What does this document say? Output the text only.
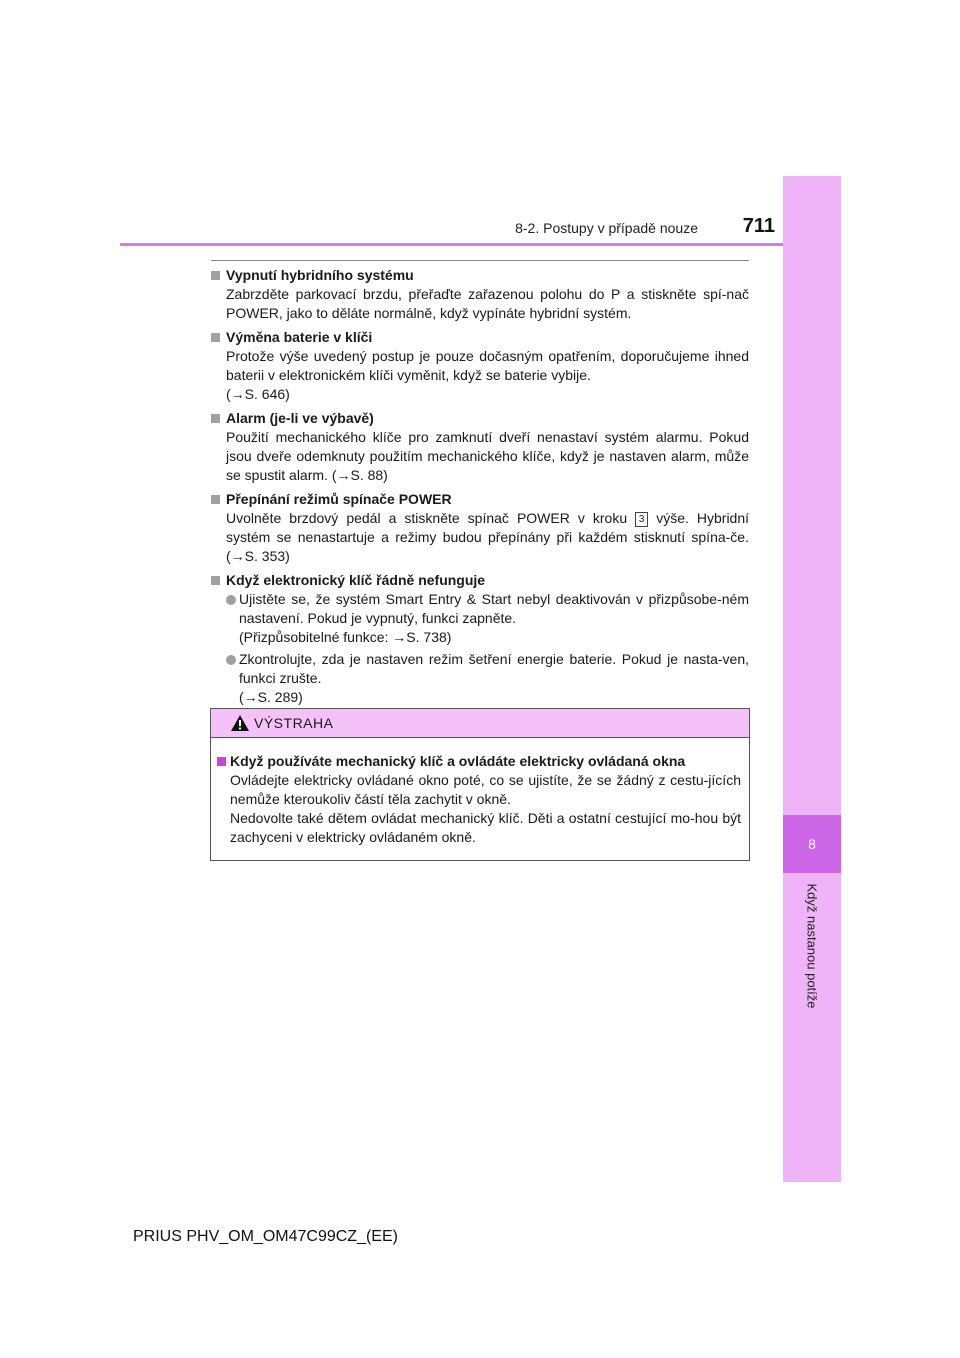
8
Když nastanou potíže
8-2. Postupy v případě nouze	711
Vypnutí hybridního systému
Zabrzděte parkovací brzdu, přeřaďte zařazenou polohu do P a stiskněte spí-nač POWER, jako to děláte normálně, když vypínáte hybridní systém.
Výměna baterie v klíči
Protože výše uvedený postup je pouze dočasným opatřením, doporučujeme ihned baterii v elektronickém klíči vyměnit, když se baterie vybije.
(→S. 646)
Alarm (je-li ve výbavě)
Použití mechanického klíče pro zamknutí dveří nenastaví systém alarmu. Pokud jsou dveře odemknuty použitím mechanického klíče, když je nastaven alarm, může se spustit alarm. (→S. 88)
Přepínání režimů spínače POWER
Uvolněte brzdový pedál a stiskněte spínač POWER v kroku 3 výše. Hybridní systém se nenastartuje a režimy budou přepínány při každém stisknutí spína-če. (→S. 353)
Když elektronický klíč řádně nefunguje
Ujistěte se, že systém Smart Entry & Start nebyl deaktivován v přizpůsobe-ném nastavení. Pokud je vypnutý, funkci zapněte.
(Přizpůsobitelné funkce: →S. 738)
Zkontrolujte, zda je nastaven režim šetření energie baterie. Pokud je nasta-ven, funkci zrušte.
(→S. 289)
VÝSTRAHA
Když používáte mechanický klíč a ovládáte elektricky ovládaná okna
Ovládejte elektricky ovládané okno poté, co se ujistíte, že se žádný z cestu-jících nemůže kteroukoliv částí těla zachytit v okně.
Nedovolte také dětem ovládat mechanický klíč. Děti a ostatní cestující mo-hou být zachyceni v elektricky ovládaném okně.
PRIUS PHV_OM_OM47C99CZ_(EE)
